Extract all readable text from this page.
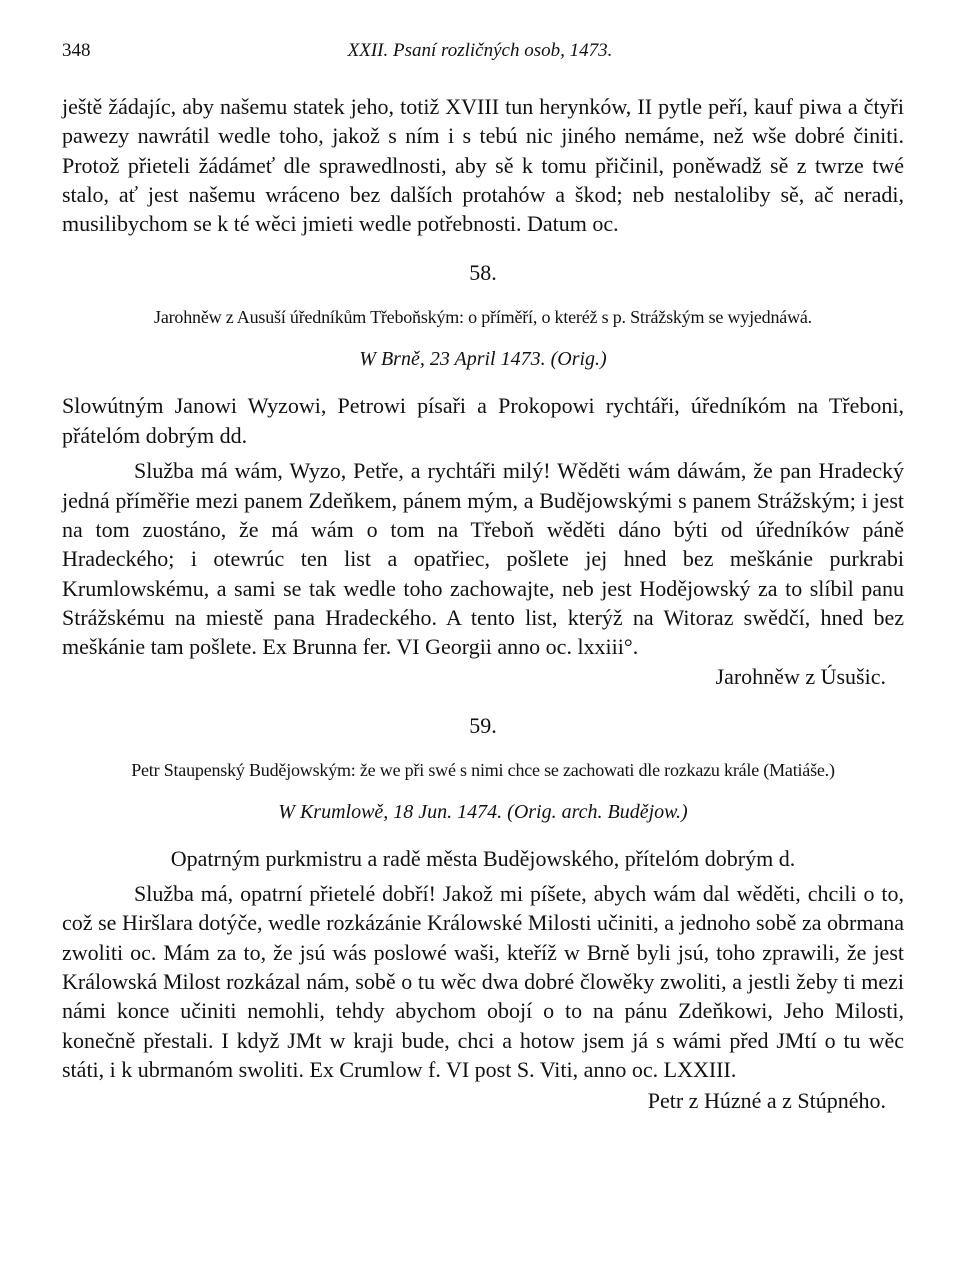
348	XXII. Psaní rozličných osob, 1473.

ještě žádajíc, aby našemu statek jeho, totiž XVIII tun herynków, II pytle peří, kauf piwa a čtyři pawezy nawrátil wedle toho, jakož s ním i s tebú nic jiného nemáme, než wše dobré činiti. Protož přieteli žádámeť dle sprawedlnosti, aby sě k tomu přičinil, poněwadž sě z twrze twé stalo, ať jest našemu wráceno bez dalších protahów a škod; neb nestaloliby sě, ač neradi, musilibychom se k té wěci jmieti wedle potřebnosti. Datum oc.

58.
Jarohněw z Ausuší úředníkům Třeboňským: o příměří, o kteréž s p. Strážským se wyjednáwá.
W Brně, 23 April 1473. (Orig.)

Slowútným Janowi Wyzowi, Petrowi písaři a Prokopowi rychtáři, úředníkóm na Třeboni, přátelóm dobrým dd.

Služba má wám, Wyzo, Petře, a rychtáři milý! Wěděti wám dáwám, že pan Hradecký jedná příměřie mezi panem Zdeňkem, pánem mým, a Budějowskými s panem Strážským; i jest na tom zuostáno, že má wám o tom na Třeboň wěděti dáno býti od úředníków páně Hradeckého; i otewrúc ten list a opatřiec, pošlete jej hned bez meškánie purkrabi Krumlowskému, a sami se tak wedle toho zachowajte, neb jest Hodějowský za to slíbil panu Strážskému na miestě pana Hradeckého. A tento list, kterýž na Witoraz swědčí, hned bez meškánie tam pošlete. Ex Brunna fer. VI Georgii anno oc. lxxiii°.

Jarohněw z Úsušic.
59.
Petr Staupenský Budějowským: že we při swé s nimi chce se zachowati dle rozkazu krále (Matiáše.)
W Krumlowě, 18 Jun. 1474. (Orig. arch. Budějow.)

Opatrným purkmistru a radě města Budějowského, přítelóm dobrým d.

Služba má, opatrní přietelé dobří! Jakož mi píšete, abych wám dal wěděti, chcili o to, což se Hiršlara dotýče, wedle rozkázánie Králowské Milosti učiniti, a jednoho sobě za obrmana zwoliti oc. Mám za to, že jsú wás poslowé waši, kteříž w Brně byli jsú, toho zprawili, že jest Králowská Milost rozkázal nám, sobě o tu wěc dwa dobré člowěky zwoliti, a jestli žeby ti mezi námi konce učiniti nemohli, tehdy abychom obojí o to na pánu Zdeňkowi, Jeho Milosti, konečně přestali. I když JMt w kraji bude, chci a hotow jsem já s wámi před JMtí o tu wěc státi, i k ubrmanóm swoliti. Ex Crumlow f. VI post S. Viti, anno oc. LXXIII.

Petr z Húzné a z Stúpného.
